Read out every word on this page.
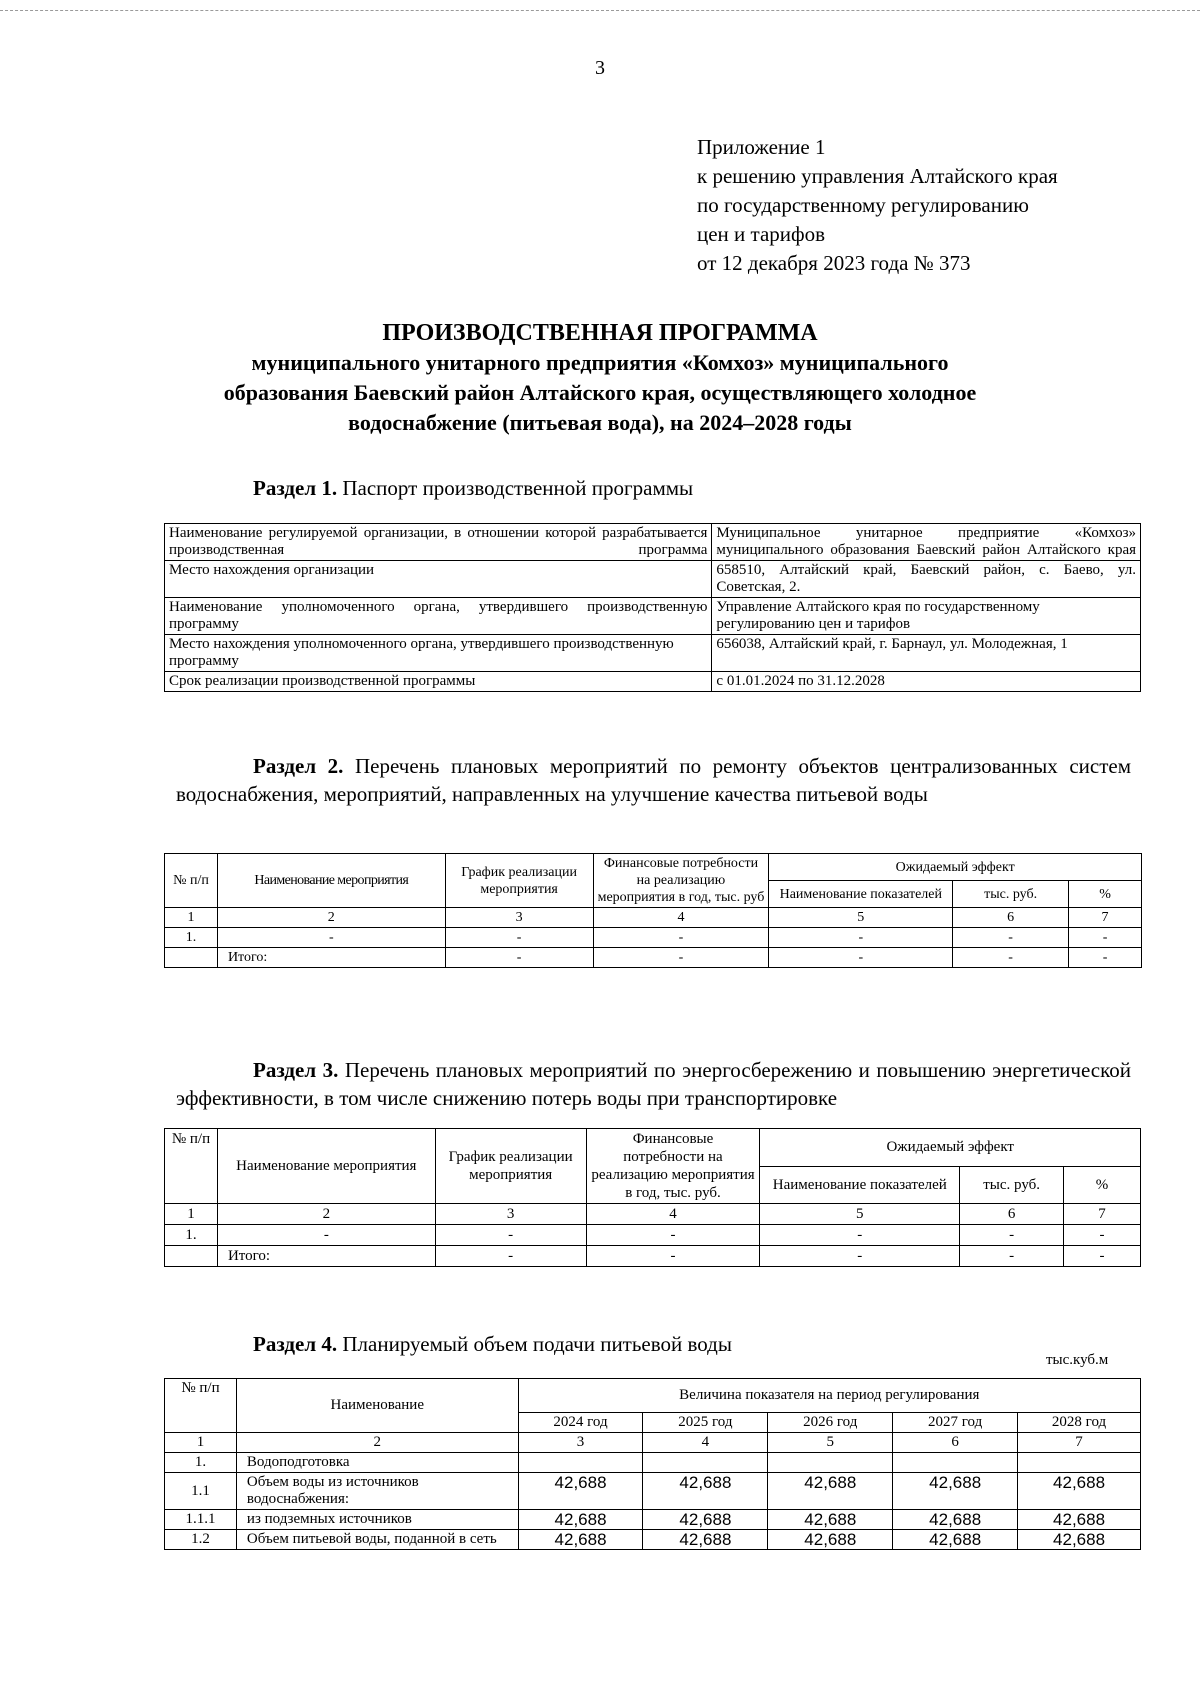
3
Приложение 1
к решению управления Алтайского края
по государственному регулированию
цен и тарифов
от 12 декабря 2023 года № 373
ПРОИЗВОДСТВЕННАЯ ПРОГРАММА
муниципального унитарного предприятия «Комхоз» муниципального
образования Баевский район Алтайского края, осуществляющего холодное
водоснабжение (питьевая вода), на 2024–2028 годы
Раздел 1. Паспорт производственной программы
Наименование регулируемой организации, в отношении которой разрабатывается производственная программа	Муниципальное унитарное предприятие «Комхоз» муниципального образования Баевский район Алтайского края
Место нахождения организации	658510, Алтайский край, Баевский район, с. Баево, ул. Советская, 2.
Наименование уполномоченного органа, утвердившего производственную программу	Управление Алтайского края по государственному регулированию цен и тарифов
Место нахождения уполномоченного органа, утвердившего производственную программу	656038, Алтайский край, г. Барнаул, ул. Молодежная, 1
Срок реализации производственной программы	с 01.01.2024 по 31.12.2028
Раздел 2. Перечень плановых мероприятий по ремонту объектов централизованных систем водоснабжения, мероприятий, направленных на улучшение качества питьевой воды
№ п/п	Наименование мероприятия	График реализации мероприятия	Финансовые потребности на реализацию мероприятия в год, тыс. руб	Ожидаемый эффект		
				Наименование показателей	тыс. руб.	%
1	2	3	4	5	6	7
1.	-	-	-	-	-	-
	Итого:	-	-	-	-	-
Раздел 3. Перечень плановых мероприятий по энергосбережению и повышению энергетической эффективности, в том числе снижению потерь воды при транспортировке
№ п/п	Наименование мероприятия	График реализации мероприятия	Финансовые потребности на реализацию мероприятия в год, тыс. руб.	Ожидаемый эффект		
				Наименование показателей	тыс. руб.	%
1	2	3	4	5	6	7
1.	-	-	-	-	-	-
	Итого:	-	-	-	-	-
Раздел 4. Планируемый объем подачи питьевой воды
тыс.куб.м
№ п/п	Наименование	Величина показателя на период регулирования				
		2024 год	2025 год	2026 год	2027 год	2028 год
1	2	3	4	5	6	7
1.	Водоподготовка					
1.1	Объем воды из источников водоснабжения:	42,688	42,688	42,688	42,688	42,688
1.1.1	из подземных источников	42,688	42,688	42,688	42,688	42,688
1.2	Объем питьевой воды, поданной в сеть	42,688	42,688	42,688	42,688	42,688
